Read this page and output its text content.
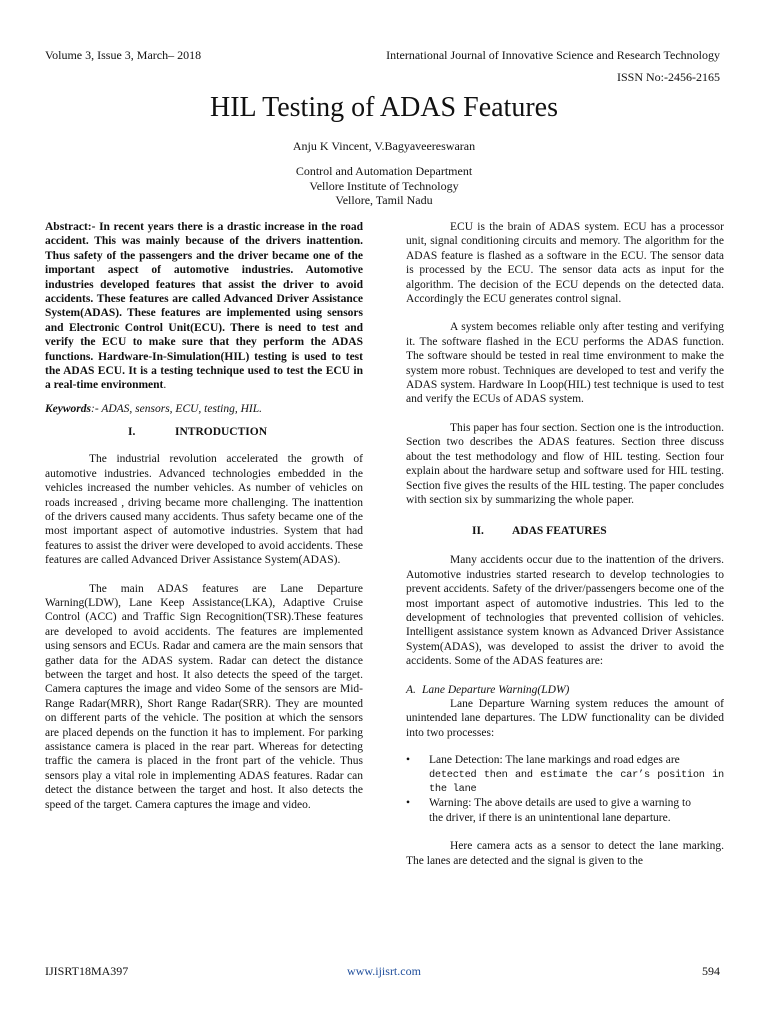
Volume 3, Issue 3, March– 2018	International Journal of Innovative Science and Research Technology
ISSN No:-2456-2165
HIL Testing of ADAS Features
Anju K Vincent, V.Bagyaveereswaran
Control and Automation Department
Vellore Institute of Technology
Vellore, Tamil Nadu

Abstract:- In recent years there is a drastic increase in the road accident. This was mainly because of the drivers inattention. Thus safety of the passengers and the driver became one of the important aspect of automotive industries. Automotive industries developed features that assist the driver to avoid accidents. These features are called Advanced Driver Assistance System(ADAS). These features are implemented using sensors and Electronic Control Unit(ECU). There is need to test and verify the ECU to make sure that they perform the ADAS functions. Hardware-In-Simulation(HIL) testing is used to test the ADAS ECU. It is a testing technique used to test the ECU in a real-time environment.

Keywords:- ADAS, sensors, ECU, testing, HIL.

I.	INTRODUCTION

The industrial revolution accelerated the growth of automotive industries. Advanced technologies embedded in the vehicles increased the number vehicles. As number of vehicles on roads increased , driving became more challenging. The inattention of the drivers caused many accidents. Thus safety became one of the most important aspect of automotive industries. System that had features to assist the driver were developed to avoid accidents. These features are called Advanced Driver Assistance System(ADAS).

The main ADAS features are Lane Departure Warning(LDW), Lane Keep Assistance(LKA), Adaptive Cruise Control (ACC) and Traffic Sign Recognition(TSR).These features are developed to avoid accidents. The features are implemented using sensors and ECUs. Radar and camera are the main sensors that gather data for the ADAS system. Radar can detect the distance between the target and host. It also detects the speed of the target. Camera captures the image and video Some of the sensors are Mid-Range Radar(MRR), Short Range Radar(SRR). They are mounted on different parts of the vehicle. The position at which the sensors are placed depends on the function it has to implement. For parking assistance camera is placed in the rear part. Whereas for detecting traffic the camera is placed in the front part of the vehicle. Thus sensors play a vital role in implementing ADAS features. Radar can detect the distance between the target and host. It also detects the speed of the target. Camera captures the image and video.

ECU is the brain of ADAS system. ECU has a processor unit, signal conditioning circuits and memory. The algorithm for the ADAS feature is flashed as a software in the ECU. The sensor data is processed by the ECU. The sensor data acts as input for the algorithm. The decision of the ECU depends on the detected data. Accordingly the ECU generates control signal.

A system becomes reliable only after testing and verifying it. The software flashed in the ECU performs the ADAS function. The software should be tested in real time environment to make the system more robust. Techniques are developed to test and verify the ADAS system. Hardware In Loop(HIL) test technique is used to test and verify the ECUs of ADAS system.

This paper has four section. Section one is the introduction. Section two describes the ADAS features. Section three discuss about the test methodology and flow of HIL testing. Section four explain about the hardware setup and software used for HIL testing. Section five gives the results of the HIL testing. The paper concludes with section six by summarizing the whole paper.

II. ADAS FEATURES

Many accidents occur due to the inattention of the drivers. Automotive industries started research to develop technologies to prevent accidents. Safety of the driver/passengers become one of the most important aspect of automotive industries. This led to the development of technologies that prevented collision of vehicles. Intelligent assistance system known as Advanced Driver Assistance System(ADAS), was developed to assist the driver to avoid the accidents. Some of the ADAS features are:

A. Lane Departure Warning(LDW)

Lane Departure Warning system reduces the amount of unintended lane departures. The LDW functionality can be divided into two processes:

• Lane Detection: The lane markings and road edges are
detected then and estimate the car’s position in the lane
• Warning: The above details are used to give a warning to
the driver, if there is an unintentional lane departure.

Here camera acts as a sensor to detect the lane marking. The lanes are detected and the signal is given to the

IJISRT18MA397	www.ijisrt.com	594
